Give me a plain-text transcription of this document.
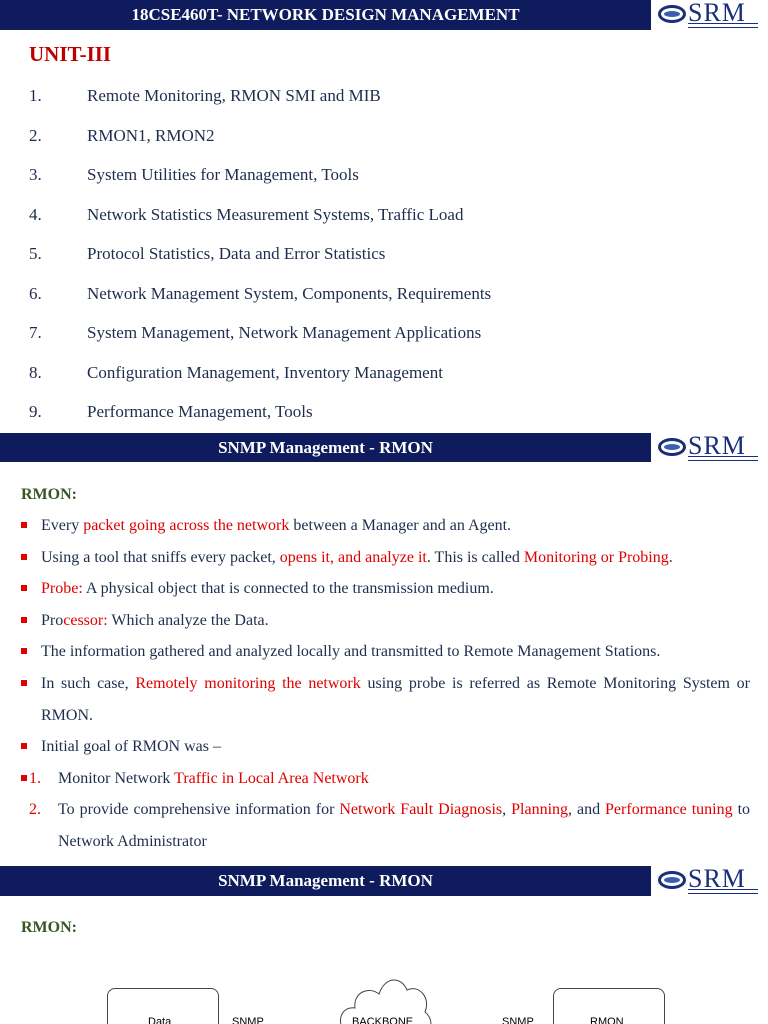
18CSE460T- NETWORK DESIGN MANAGEMENT	SRM
UNIT-III
1.	Remote Monitoring, RMON SMI and MIB
2.	RMON1, RMON2
3.	System Utilities for Management, Tools
4.	Network Statistics Measurement Systems, Traffic Load
5.	Protocol Statistics, Data and Error Statistics
6.	Network Management System, Components, Requirements
7.	System Management, Network Management Applications
8.	Configuration Management, Inventory Management
9.	Performance Management, Tools
SNMP Management - RMON	SRM
RMON:
Every packet going across the network between a Manager and an Agent.
Using a tool that sniffs every packet, opens it, and analyze it. This is called Monitoring or Probing.
Probe: A physical object that is connected to the transmission medium.
Processor: Which analyze the Data.
The information gathered and analyzed locally and transmitted to Remote Management Stations.
In such case, Remotely monitoring the network using probe is referred as Remote Monitoring System or RMON.
Initial goal of RMON was –
1. Monitor Network Traffic in Local Area Network
2. To provide comprehensive information for Network Fault Diagnosis, Planning, and Performance tuning to Network Administrator
SNMP Management - RMON	SRM
RMON:
Data	SNMP	BACKBONE	SNMP	RMON
